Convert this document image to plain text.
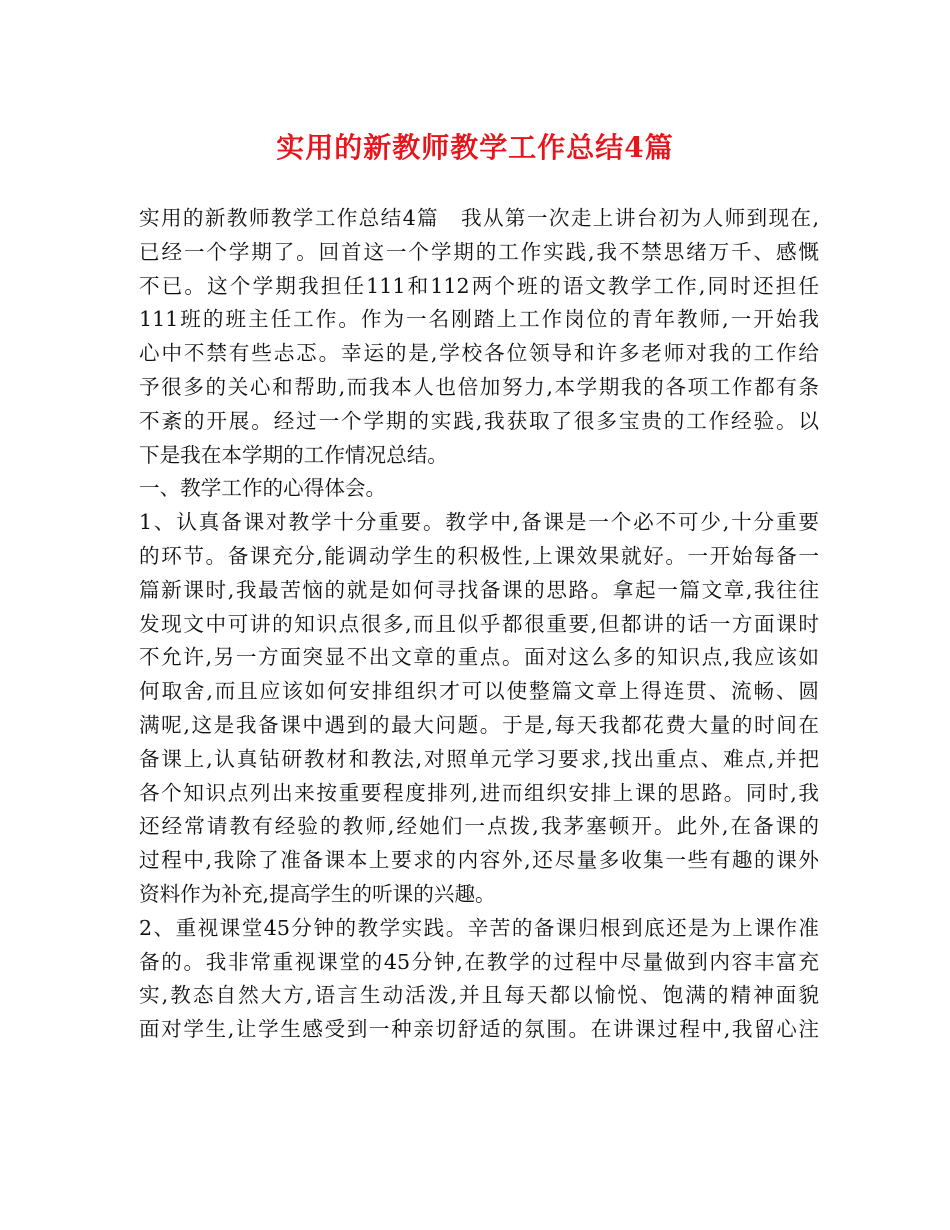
实用的新教师教学工作总结4篇
实用的新教师教学工作总结4篇　我从第一次走上讲台初为人师到现在,
已经一个学期了。回首这一个学期的工作实践,我不禁思绪万千、感慨
不已。这个学期我担任111和112两个班的语文教学工作,同时还担任
111班的班主任工作。作为一名刚踏上工作岗位的青年教师,一开始我
心中不禁有些忐忑。幸运的是,学校各位领导和许多老师对我的工作给
予很多的关心和帮助,而我本人也倍加努力,本学期我的各项工作都有条
不紊的开展。经过一个学期的实践,我获取了很多宝贵的工作经验。以
下是我在本学期的工作情况总结。
一、教学工作的心得体会。
1、认真备课对教学十分重要。教学中,备课是一个必不可少,十分重要
的环节。备课充分,能调动学生的积极性,上课效果就好。一开始每备一
篇新课时,我最苦恼的就是如何寻找备课的思路。拿起一篇文章,我往往
发现文中可讲的知识点很多,而且似乎都很重要,但都讲的话一方面课时
不允许,另一方面突显不出文章的重点。面对这么多的知识点,我应该如
何取舍,而且应该如何安排组织才可以使整篇文章上得连贯、流畅、圆
满呢,这是我备课中遇到的最大问题。于是,每天我都花费大量的时间在
备课上,认真钻研教材和教法,对照单元学习要求,找出重点、难点,并把
各个知识点列出来按重要程度排列,进而组织安排上课的思路。同时,我
还经常请教有经验的教师,经她们一点拨,我茅塞顿开。此外,在备课的
过程中,我除了准备课本上要求的内容外,还尽量多收集一些有趣的课外
资料作为补充,提高学生的听课的兴趣。
2、重视课堂45分钟的教学实践。辛苦的备课归根到底还是为上课作准
备的。我非常重视课堂的45分钟,在教学的过程中尽量做到内容丰富充
实,教态自然大方,语言生动活泼,并且每天都以愉悦、饱满的精神面貌
面对学生,让学生感受到一种亲切舒适的氛围。在讲课过程中,我留心注
